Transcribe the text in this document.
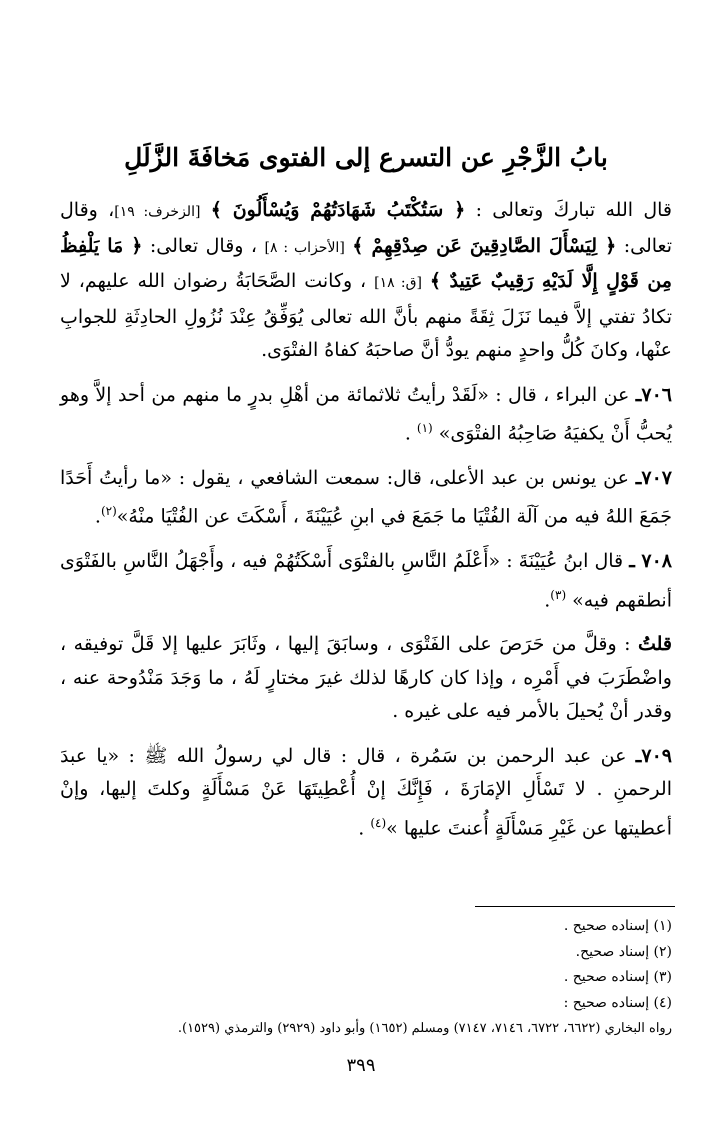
بابُ الزَّجْرِ عن التسرع إلى الفتوى مَخافَةَ الزَّلَلِ

قال الله تباركَ وتعالى : ﴿ سَتُكْتَبُ شَهَادَتُهُمْ وَيُسْأَلُونَ ﴾ [الزخرف: ١٩]، وقال تعالى: ﴿ لِيَسْأَلَ الصَّادِقِينَ عَن صِدْقِهِمْ ﴾ [الأحزاب : ٨] ، وقال تعالى: ﴿ مَا يَلْفِظُ مِن قَوْلٍ إِلَّا لَدَيْهِ رَقِيبٌ عَتِيدٌ ﴾ [ق: ١٨] ، وكانت الصَّحَابَةُ رضوان الله عليهم، لا تكادُ تفتي إلاَّ فيما نَزَلَ ثِقَةً منهم بأنَّ الله تعالى يُوَفِّقُ عِنْدَ نُزُولِ الحادِثَةِ للجوابِ عنْها، وكانَ كُلُّ واحدٍ منهم يودُّ أنَّ صاحبَهُ كفاهُ الفتْوَى.

٧٠٦ـ عن البراء ، قال : «لَقَدْ رأيتُ ثلاثمائة من أهْلِ بدرٍ ما منهم من أحد إلاَّ وهو يُحبُّ أَنْ يكفيَهُ صَاحِبُهُ الفتْوَى» $^{(١)}$ .

٧٠٧ـ عن يونس بن عبد الأعلى، قال: سمعت الشافعي ، يقول : «ما رأيتُ أَحَدًا جَمَعَ اللهُ فيه من آلَة الفُتْيَا ما جَمَعَ في ابنِ عُيَيْنَةَ ، أَسْكَتَ عن الفُتْيَا منْهُ»$^{(٢)}$.

٧٠٨ ـ قال ابنُ عُيَيْنَةَ : «أَعْلَمُ النَّاسِ بالفتْوَى أَسْكَتُهُمْ فيه ، وأَجْهَلُ النَّاسِ بالفَتْوَى أنطقهم فيه» $^{(٣)}$.

قلتُ : وقلَّ من حَرَصَ على الفَتْوَى ، وسابَقَ إليها ، وثَابَرَ عليها إلا قَلَّ توفيقه ، واضْطَرَبَ في أَمْرِه ، وإذا كان كارهًا لذلك غيرَ مختارٍ لَهُ ، ما وَجَدَ مَنْدُوحة عنه ، وقدر أنْ يُحيلَ بالأمر فيه على غيره .

٧٠٩ـ عن عبد الرحمن بن سَمُرة ، قال : قال لي رسولُ الله ﷺ : «يا عبدَ الرحمنِ . لا تَسْأَلِ الإمَارَةَ ، فَإِنَّكَ إنْ أُعْطِيتَهَا عَنْ مَسْأَلَةٍ وكلتَ إليها، وإنْ أعطيتها عن غَيْرِ مَسْأَلَةٍ أُعنتَ عليها »$^{(٤)}$ .

(١) إسناده صحيح .

(٢) إسناد صحيح.

(٣) إسناده صحيح .

(٤) إسناده صحيح :

رواه البخاري (٦٦٢٢، ٦٧٢٢، ٧١٤٦، ٧١٤٧) ومسلم (١٦٥٢) وأبو داود (٢٩٢٩) والترمذي (١٥٢٩).

٣٩٩
